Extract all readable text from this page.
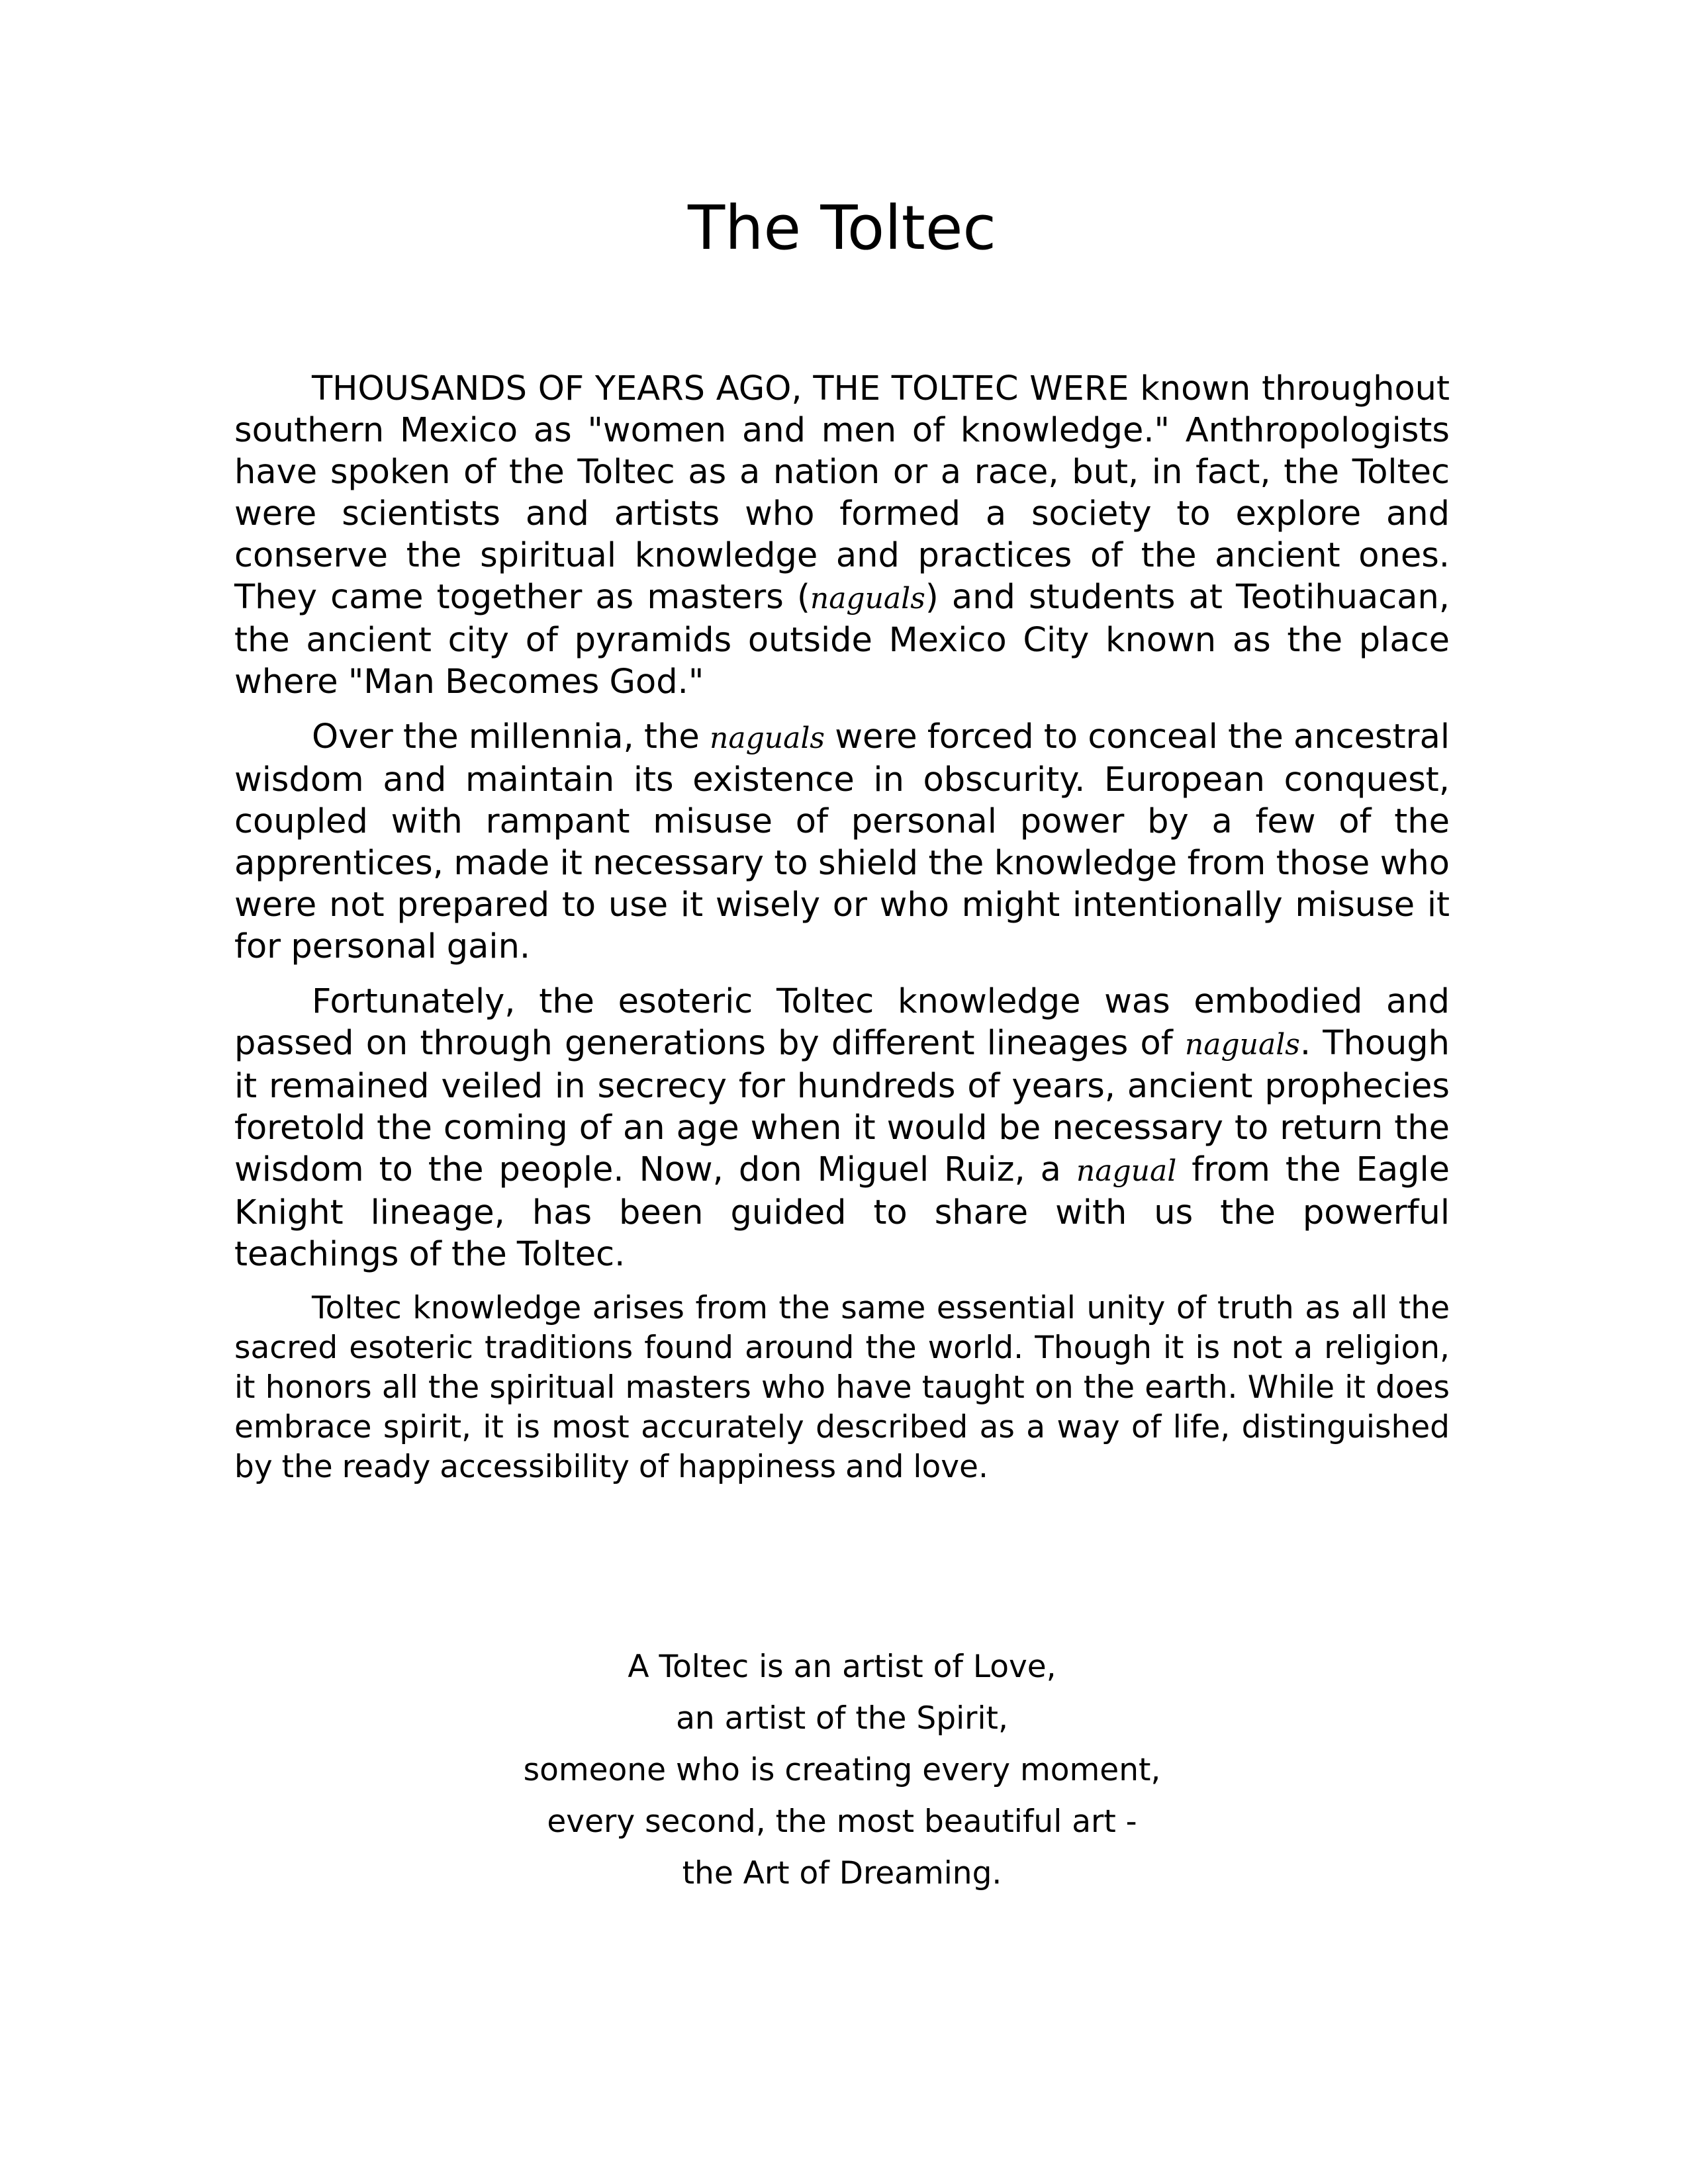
The Toltec

THOUSANDS OF YEARS AGO, THE TOLTEC WERE known throughout southern Mexico as "women and men of knowledge." Anthropologists have spoken of the Toltec as a nation or a race, but, in fact, the Toltec were scientists and artists who formed a society to explore and conserve the spiritual knowledge and practices of the ancient ones. They came together as masters (naguals) and students at Teotihuacan, the ancient city of pyramids outside Mexico City known as the place where "Man Becomes God."

Over the millennia, the naguals were forced to conceal the ancestral wisdom and maintain its existence in obscurity. European conquest, coupled with rampant misuse of personal power by a few of the apprentices, made it necessary to shield the knowledge from those who were not prepared to use it wisely or who might intentionally misuse it for personal gain.

Fortunately, the esoteric Toltec knowledge was embodied and passed on through generations by different lineages of naguals. Though it remained veiled in secrecy for hundreds of years, ancient prophecies foretold the coming of an age when it would be necessary to return the wisdom to the people. Now, don Miguel Ruiz, a nagual from the Eagle Knight lineage, has been guided to share with us the powerful teachings of the Toltec.

Toltec knowledge arises from the same essential unity of truth as all the sacred esoteric traditions found around the world. Though it is not a religion, it honors all the spiritual masters who have taught on the earth. While it does embrace spirit, it is most accurately described as a way of life, distinguished by the ready accessibility of happiness and love.

A Toltec is an artist of Love,
an artist of the Spirit,
someone who is creating every moment,
every second, the most beautiful art -
the Art of Dreaming.
